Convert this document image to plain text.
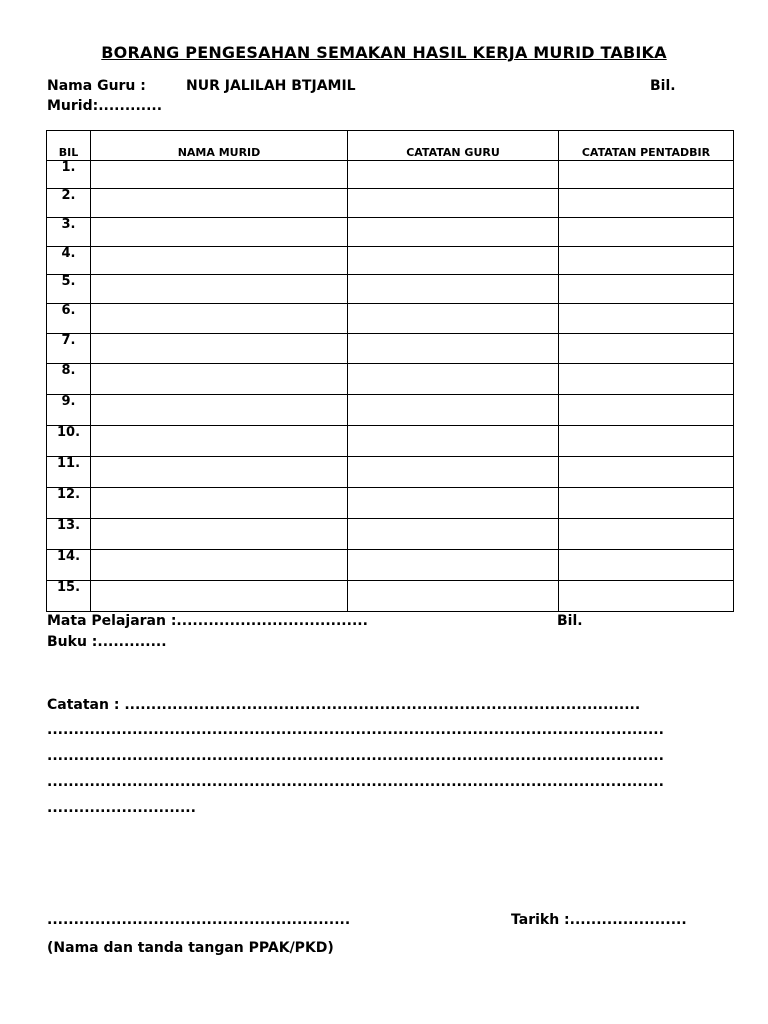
BORANG PENGESAHAN SEMAKAN HASIL KERJA MURID TABIKA
Nama Guru :	NUR JALILAH BTJAMIL	Bil.
Murid:............
BIL	NAMA MURID	CATATAN GURU	CATATAN PENTADBIR
1.			
2.			
3.			
4.			
5.			
6.			
7.			
8.			
9.			
10.			
11.			
12.			
13.			
14.			
15.			
Mata Pelajaran :....................................	Bil.
Buku :.............
Catatan : .................................................................................................
....................................................................................................................
....................................................................................................................
....................................................................................................................
............................
.........................................................	Tarikh :......................
(Nama dan tanda tangan PPAK/PKD)
